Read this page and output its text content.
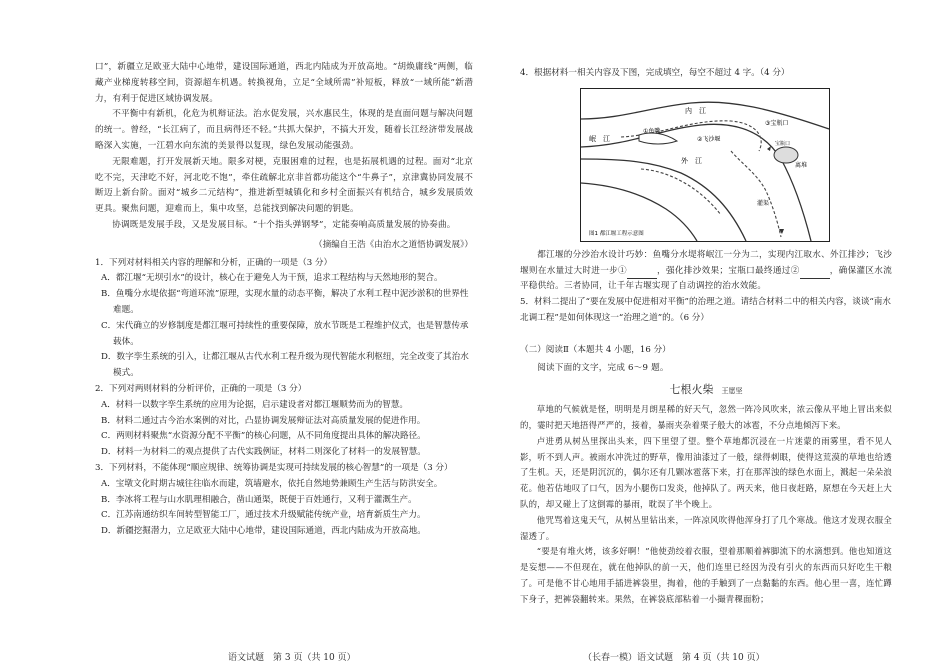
口”，新疆立足欧亚大陆中心地带，建设国际通道，西北内陆成为开放高地。“胡焕庸线”两侧，临藏产业梯度转移空间，资源超车机遇。转换视角，立足“全域所需”补短板，释放“一域所能”新潜力，有利于促进区域协调发展。

不平衡中有新机，化危为机辩证法。治水促发展，兴水惠民生，体现的是直面问题与解决问题的统一。曾经，“长江病了，而且病得还不轻。”共抓大保护，不搞大开发，随着长江经济带发展战略深入实施，一江碧水向东流的美景得以复现，绿色发展动能强劲。

无限难题，打开发展新天地。限多对梗，克服困难的过程，也是拓展机遇的过程。面对“北京吃不完，天津吃不好，河北吃不饱”，牵住疏解北京非首都功能这个“牛鼻子”，京津冀协同发展不断迈上新台阶。面对“城乡二元结构”，推进新型城镇化和乡村全面振兴有机结合，城乡发展质效更具。聚焦问题，迎难而上，集中攻坚，总能找到解决问题的钥匙。

协调既是发展手段，又是发展目标。“十个指头弹钢琴”，定能奏响高质量发展的协奏曲。

（摘编自王浩《由治水之道悟协调发展》）

1．下列对材料相关内容的理解和分析，正确的一项是（3 分）

A．都江堰“无坝引水”的设计，核心在于避免人为干预，追求工程结构与天然地形的契合。

B．鱼嘴分水堤依据“弯道环流”原理，实现水量的动态平衡，解决了水利工程中泥沙淤积的世界性难题。

C．宋代确立的岁修制度是都江堰可持续性的重要保障，放水节既是工程维护仪式，也是智慧传承载体。

D．数字孪生系统的引入，让都江堰从古代水利工程升级为现代智能水利枢纽，完全改变了其治水模式。

2．下列对两则材料的分析评价，正确的一项是（3 分）

A．材料一以数字孪生系统的应用为论据，启示建设者对都江堰顺势而为的智慧。

B．材料二通过古今治水案例的对比，凸显协调发展辩证法对高质量发展的促进作用。

C．两则材料聚焦“水资源分配不平衡”的核心问题，从不同角度提出具体的解决路径。

D．材料一为材料二的观点提供了古代实践例证，材料二则深化了材料一的发展智慧。

3．下列材料，不能体现“顺应规律、统筹协调是实现可持续发展的核心智慧”的一项是（3 分）

A．宝墩文化时期古城往往临水而建，筑墙避水，依托自然地势兼顾生产生活与防洪安全。

B．李冰将工程与山水肌理相融合，凿山通渠，既便于百姓通行，又利于灌溉生产。

C．江苏南通纺织车间转型智能工厂，通过技术升级赋能传统产业，培育新质生产力。

D．新疆挖掘潜力，立足欧亚大陆中心地带，建设国际通道，西北内陆成为开放高地。

语文试题　第 3 页（共 10 页）

4．根据材料一相关内容及下图，完成填空，每空不超过 4 字。（4 分）

内　江
①鱼嘴
外　江
岷　江	②飞沙堰
③宝瓶口
灌渠
离堆
宝瓶口
图1 都江堰工程示意图

都江堰的分沙治水设计巧妙：鱼嘴分水堤将岷江一分为二，实现内江取水、外江排沙；飞沙堰则在水量过大时进一步①	，强化排沙效果；宝瓶口最终通过②	，确保灌区水流平稳供给。三者协同，让千年古堰实现了自动调控的治水效能。

5．材料二提出了“要在发展中促进相对平衡”的治理之道。请结合材料二中的相关内容，谈谈“南水北调工程”是如何体现这一“治理之道”的。（6 分）

（二）阅读Ⅱ（本题共 4 小题，16 分）

阅读下面的文字，完成 6～9 题。

七根火柴 王愿坚

草地的气候就是怪，明明是月朗星稀的好天气，忽然一阵冷风吹来，浓云像从平地上冒出来似的，霎时把天地捂得严严的，接着，暴雨夹杂着栗子般大的冰雹，不分点地倾泻下来。

卢进勇从树丛里探出头来，四下里望了望。整个草地都沉浸在一片迷蒙的雨雾里，看不见人影，听不到人声。被雨水冲洗过的野草，像用油漆过了一般，绿得刺眼，使得这荒漠的草地也给透了生机。天，还是阴沉沉的，偶尔还有几颗冰雹落下来，打在那浑浊的绿色水面上，溅起一朵朵浪花。他若估地叹了口气，因为小腿伤口发炎，他掉队了。两天来，他日夜赶路，原想在今天赶上大队的，却又碰上了这倒霉的暴雨，耽误了半个晚上。

他咒骂着这鬼天气，从树丛里钻出来，一阵凉风吹得他浑身打了几个寒战。他这才发现衣服全湿透了。

“要是有堆火烤，该多好啊！”他使劲绞着衣服，望着那顺着裤脚流下的水滴想到。他也知道这是妄想——不但现在，就在他掉队的前一天，他们连里已经因为没有引火的东西而只好吃生干粮了。可是他不甘心地用手插进裤袋里，掏着，他的手触到了一点黏黏的东西。他心里一喜，连忙蹲下身子，把裤袋翻转来。果然，在裤袋底部粘着一小撮青稞面粉；

（长春一模）语文试题　第 4 页（共 10 页）
